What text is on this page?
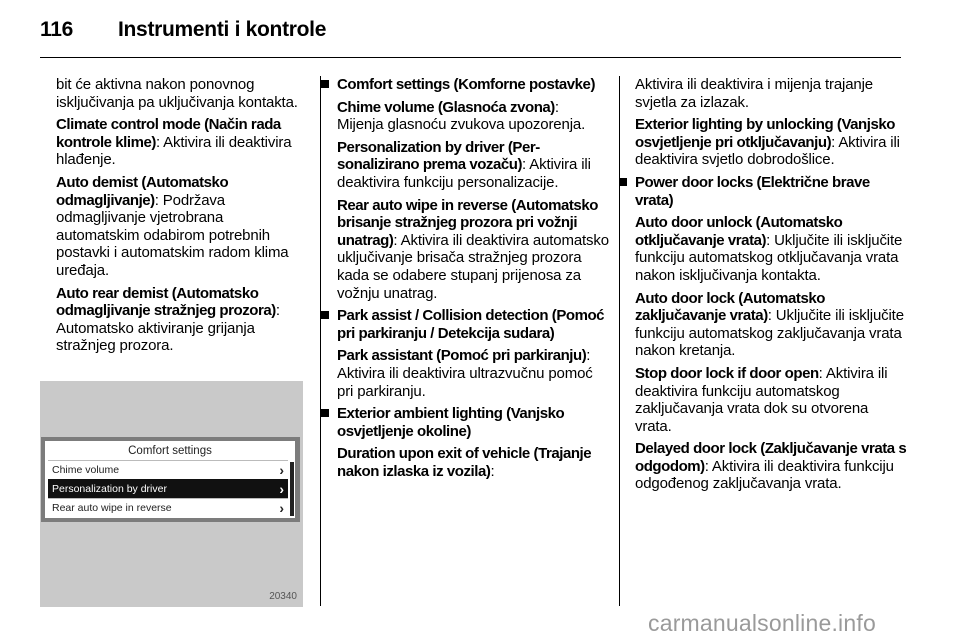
116 Instrumenti i kontrole

bit će aktivna nakon ponovnog isključivanja pa uključivanja kontakta.

Climate control mode (Način rada kontrole klime): Aktivira ili deaktivira hlađenje.

Auto demist (Automatsko odmagljivanje): Podržava odmagljivanje vjetrobrana automatskim odabirom potrebnih postavki i automatskim radom klima uređaja.

Auto rear demist (Automatsko odmagljivanje stražnjeg prozora): Automatsko aktiviranje grijanja stražnjeg prozora.

Comfort settings
Chime volume	›
Personalization by driver	›
Rear auto wipe in reverse	›
20340

Comfort settings (Komforne postavke)

Chime volume (Glasnoća zvona): Mijenja glasnoću zvukova upozorenja.

Personalization by driver (Per-sonalizirano prema vozaču): Aktivira ili deaktivira funkciju personalizacije.

Rear auto wipe in reverse (Automatsko brisanje stražnjeg prozora pri vožnji unatrag): Aktivira ili deaktivira automatsko uključivanje brisača stražnjeg prozora kada se odabere stupanj prijenosa za vožnju unatrag.

Park assist / Collision detection (Pomoć pri parkiranju / Detekcija sudara)

Park assistant (Pomoć pri parkiranju): Aktivira ili deaktivira ultrazvučnu pomoć pri parkiranju.

Exterior ambient lighting (Vanjsko osvjetljenje okoline)

Duration upon exit of vehicle (Trajanje nakon izlaska iz vozila):

Aktivira ili deaktivira i mijenja trajanje svjetla za izlazak.

Exterior lighting by unlocking (Vanjsko osvjetljenje pri otključavanju): Aktivira ili deaktivira svjetlo dobrodošlice.

Power door locks (Električne brave vrata)

Auto door unlock (Automatsko otključavanje vrata): Uključite ili isključite funkciju automatskog otključavanja vrata nakon isključivanja kontakta.

Auto door lock (Automatsko zaključavanje vrata): Uključite ili isključite funkciju automatskog zaključavanja vrata nakon kretanja.

Stop door lock if door open: Aktivira ili deaktivira funkciju automatskog zaključavanja vrata dok su otvorena vrata.

Delayed door lock (Zaključavanje vrata s odgodom): Aktivira ili deaktivira funkciju odgođenog zaključavanja vrata.

carmanualsonline.info
